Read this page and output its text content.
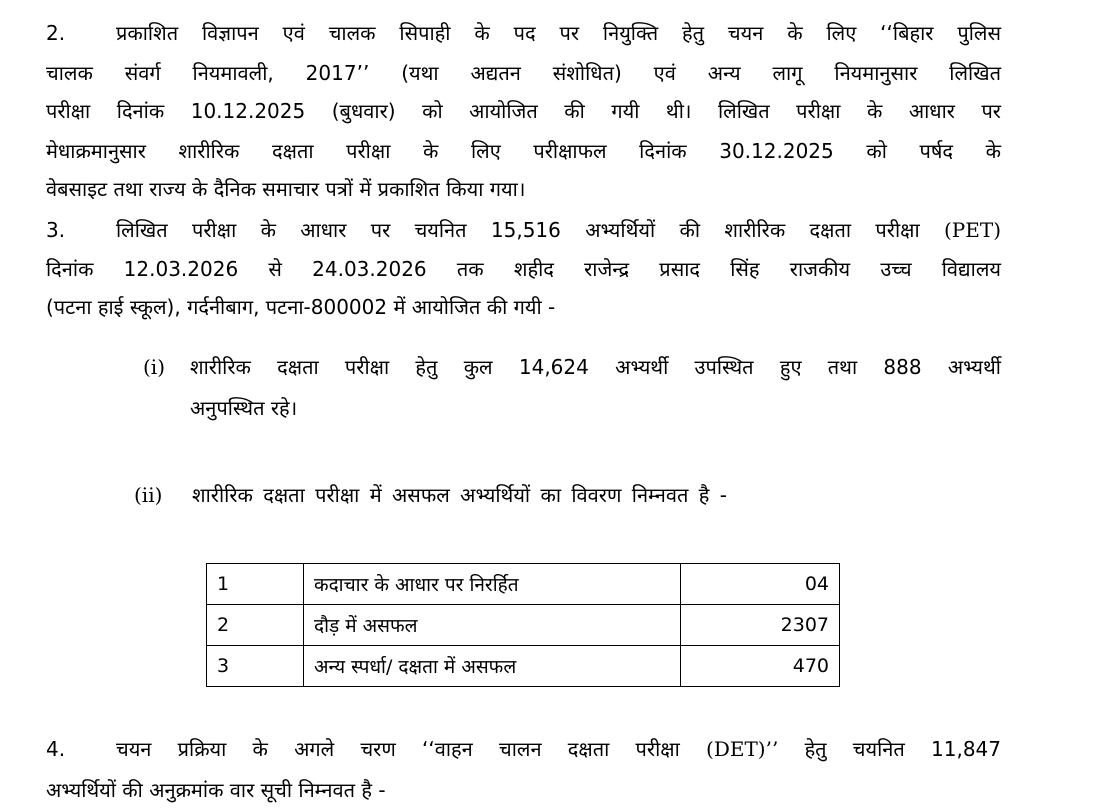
2.	प्रकाशित विज्ञापन एवं चालक सिपाही के पद पर नियुक्ति हेतु चयन के लिए ‘‘बिहार पुलिस
चालक संवर्ग नियमावली, 2017’’ (यथा अद्यतन संशोधित) एवं अन्य लागू नियमानुसार लिखित
परीक्षा दिनांक 10.12.2025 (बुधवार) को आयोजित की गयी थी। लिखित परीक्षा के आधार पर
मेधाक्रमानुसार शारीरिक दक्षता परीक्षा के लिए परीक्षाफल दिनांक 30.12.2025 को पर्षद के
वेबसाइट तथा राज्य के दैनिक समाचार पत्रों में प्रकाशित किया गया।
3.	लिखित परीक्षा के आधार पर चयनित 15,516 अभ्यर्थियों की शारीरिक दक्षता परीक्षा (PET)
दिनांक 12.03.2026 से 24.03.2026 तक शहीद राजेन्द्र प्रसाद सिंह राजकीय उच्च विद्यालय
(पटना हाई स्कूल), गर्दनीबाग, पटना-800002 में आयोजित की गयी -
(i) शारीरिक दक्षता परीक्षा हेतु कुल 14,624 अभ्यर्थी उपस्थित हुए तथा 888 अभ्यर्थी
अनुपस्थित रहे।
(ii) शारीरिक दक्षता परीक्षा में असफल अभ्यर्थियों का विवरण निम्नवत है -
1	कदाचार के आधार पर निरर्हित	04
2	दौड़ में असफल	2307
3	अन्य स्पर्धा/ दक्षता में असफल	470
4.	चयन प्रक्रिया के अगले चरण ‘‘वाहन चालन दक्षता परीक्षा (DET)’’ हेतु चयनित 11,847
अभ्यर्थियों की अनुक्रमांक वार सूची निम्नवत है -
